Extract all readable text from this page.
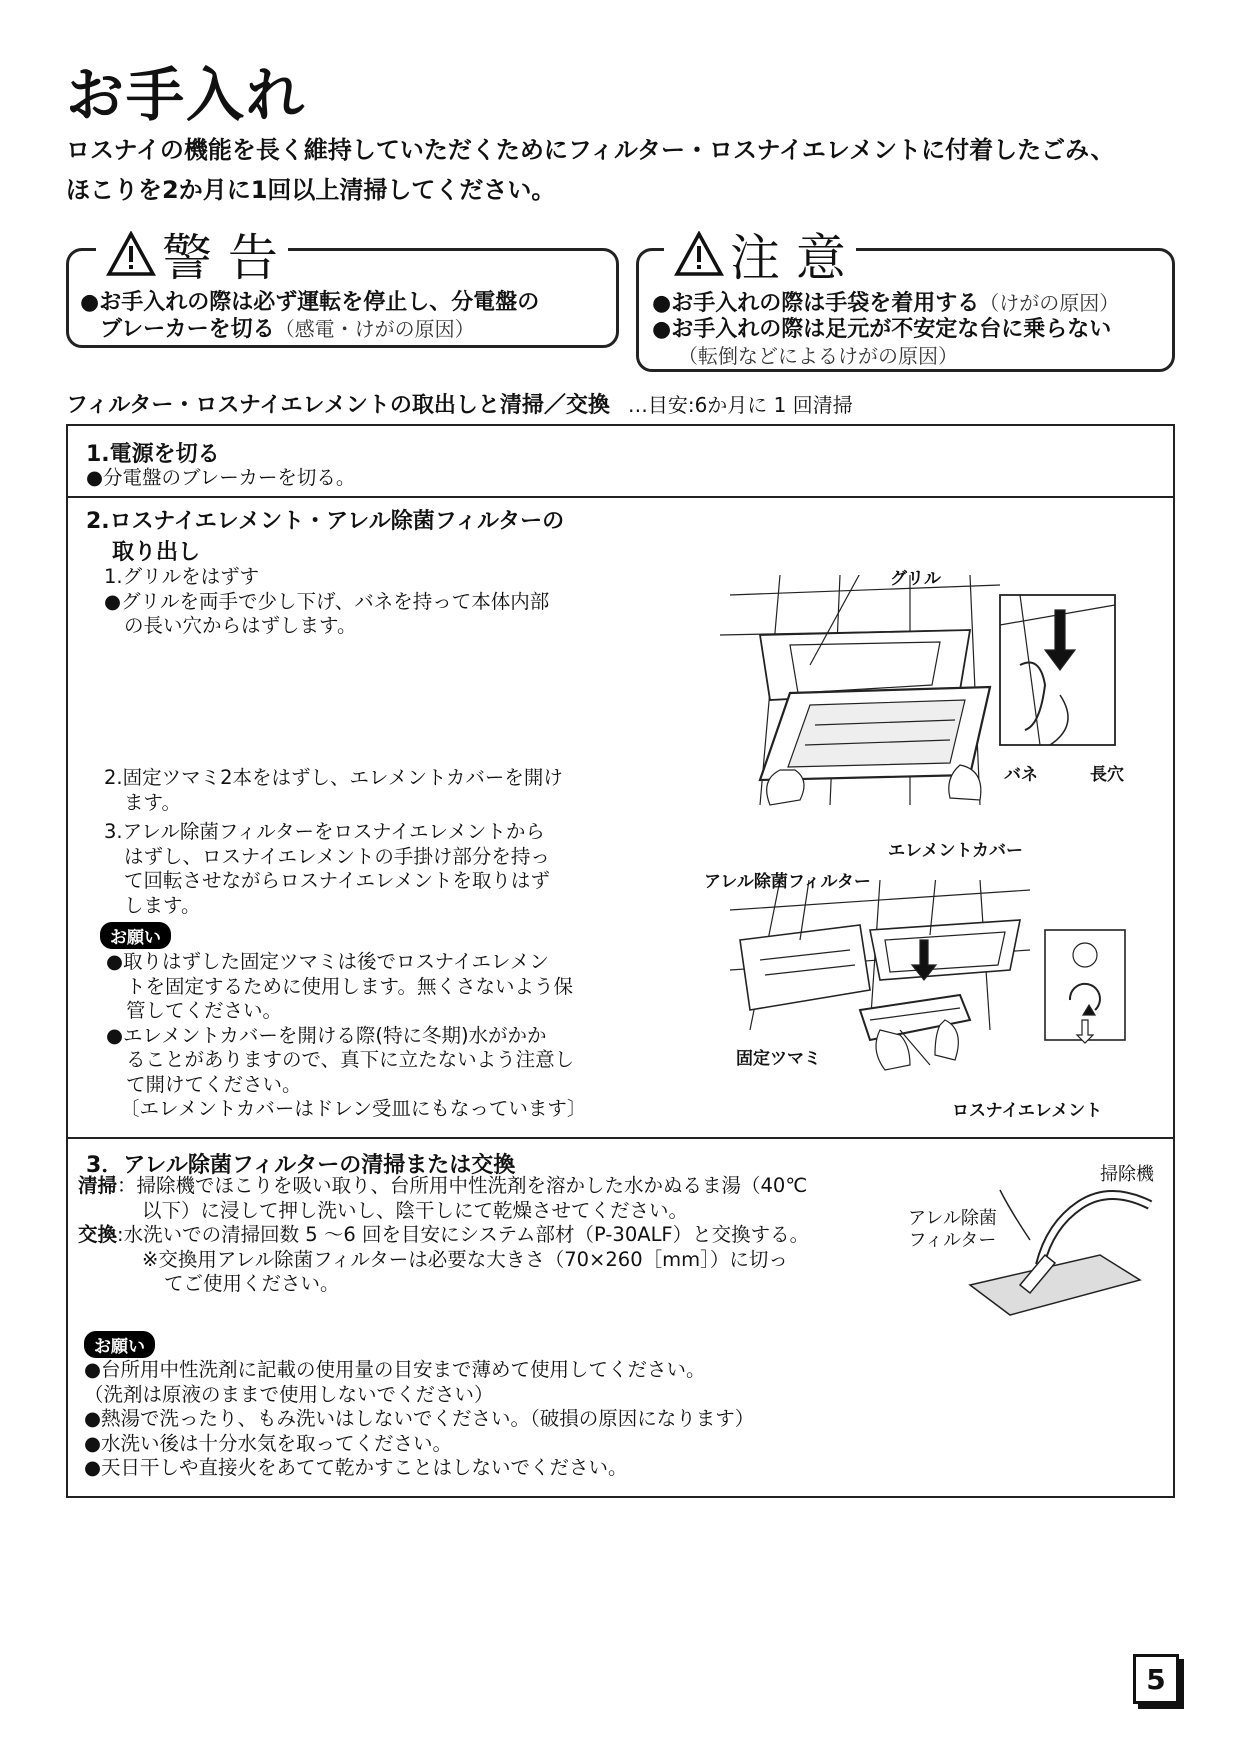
お手入れ
ロスナイの機能を長く維持していただくためにフィルター・ロスナイエレメントに付着したごみ、
ほこりを2か月に1回以上清掃してください。
警 告
●お手入れの際は必ず運転を停止し、分電盤の
ブレーカーを切る（感電・けがの原因）
注 意
●お手入れの際は手袋を着用する（けがの原因）
●お手入れの際は足元が不安定な台に乗らない
（転倒などによるけがの原因）
フィルター・ロスナイエレメントの取出しと清掃／交換 …目安:6か月に 1 回清掃
1.電源を切る
●分電盤のブレーカーを切る。
2.ロスナイエレメント・アレル除菌フィルターの
取り出し
1.グリルをはずす
●グリルを両手で少し下げ、バネを持って本体内部
の長い穴からはずします。
2.固定ツマミ2本をはずし、エレメントカバーを開け
ます。
3.アレル除菌フィルターをロスナイエレメントから
はずし、ロスナイエレメントの手掛け部分を持っ
て回転させながらロスナイエレメントを取りはず
します。
お願い
●取りはずした固定ツマミは後でロスナイエレメン
トを固定するために使用します。無くさないよう保
管してください。
●エレメントカバーを開ける際(特に冬期)水がかか
ることがありますので、真下に立たないよう注意し
て開けてください。
〔エレメントカバーはドレン受皿にもなっています〕
グリル
バネ	長穴
エレメントカバー
アレル除菌フィルター
固定ツマミ
ロスナイエレメント
3．アレル除菌フィルターの清掃または交換
清掃：掃除機でほこりを吸い取り、台所用中性洗剤を溶かした水かぬるま湯（40℃
以下）に浸して押し洗いし、陰干しにて乾燥させてください。
交換:水洗いでの清掃回数 5 ～6 回を目安にシステム部材（P-30ALF）と交換する。
※交換用アレル除菌フィルターは必要な大きさ（70×260［mm］）に切っ
てご使用ください。
お願い
●台所用中性洗剤に記載の使用量の目安まで薄めて使用してください。
（洗剤は原液のままで使用しないでください）
●熱湯で洗ったり、もみ洗いはしないでください。（破損の原因になります）
●水洗い後は十分水気を取ってください。
●天日干しや直接火をあてて乾かすことはしないでください。
掃除機
アレル除菌
フィルター
5
